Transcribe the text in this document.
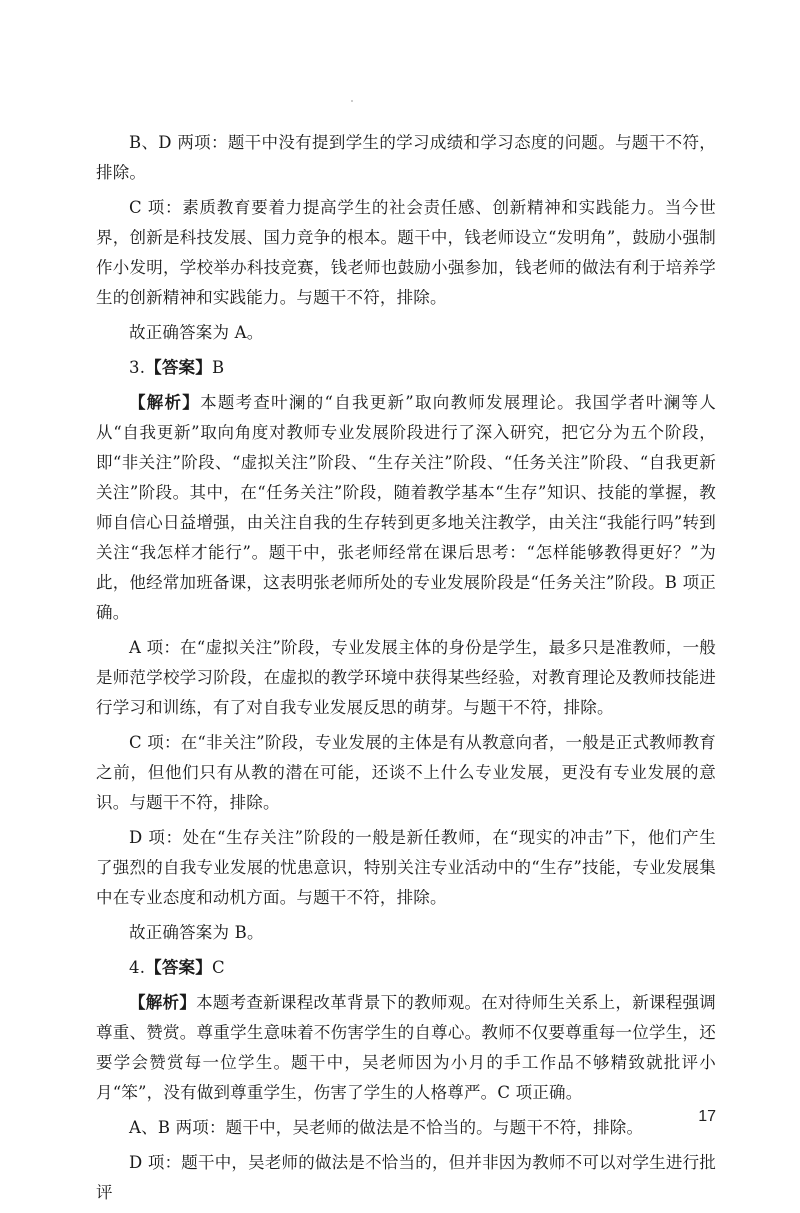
B、D 两项：题干中没有提到学生的学习成绩和学习态度的问题。与题干不符，排除。

C 项：素质教育要着力提高学生的社会责任感、创新精神和实践能力。当今世界，创新是科技发展、国力竞争的根本。题干中，钱老师设立“发明角”，鼓励小强制作小发明，学校举办科技竞赛，钱老师也鼓励小强参加，钱老师的做法有利于培养学生的创新精神和实践能力。与题干不符，排除。

故正确答案为 A。

3.【答案】B

【解析】本题考查叶澜的“自我更新”取向教师发展理论。我国学者叶澜等人从“自我更新”取向角度对教师专业发展阶段进行了深入研究，把它分为五个阶段，即“非关注”阶段、“虚拟关注”阶段、“生存关注”阶段、“任务关注”阶段、“自我更新关注”阶段。其中，在“任务关注”阶段，随着教学基本“生存”知识、技能的掌握，教师自信心日益增强，由关注自我的生存转到更多地关注教学，由关注“我能行吗”转到关注“我怎样才能行”。题干中，张老师经常在课后思考：“怎样能够教得更好？”为此，他经常加班备课，这表明张老师所处的专业发展阶段是“任务关注”阶段。B 项正确。

A 项：在“虚拟关注”阶段，专业发展主体的身份是学生，最多只是准教师，一般是师范学校学习阶段，在虚拟的教学环境中获得某些经验，对教育理论及教师技能进行学习和训练，有了对自我专业发展反思的萌芽。与题干不符，排除。

C 项：在“非关注”阶段，专业发展的主体是有从教意向者，一般是正式教师教育之前，但他们只有从教的潜在可能，还谈不上什么专业发展，更没有专业发展的意识。与题干不符，排除。

D 项：处在“生存关注”阶段的一般是新任教师，在“现实的冲击”下，他们产生了强烈的自我专业发展的忧患意识，特别关注专业活动中的“生存”技能，专业发展集中在专业态度和动机方面。与题干不符，排除。

故正确答案为 B。

4.【答案】C

【解析】本题考查新课程改革背景下的教师观。在对待师生关系上，新课程强调尊重、赞赏。尊重学生意味着不伤害学生的自尊心。教师不仅要尊重每一位学生，还要学会赞赏每一位学生。题干中，吴老师因为小月的手工作品不够精致就批评小月“笨”，没有做到尊重学生，伤害了学生的人格尊严。C 项正确。

A、B 两项：题干中，吴老师的做法是不恰当的。与题干不符，排除。

D 项：题干中，吴老师的做法是不恰当的，但并非因为教师不可以对学生进行批评

17
